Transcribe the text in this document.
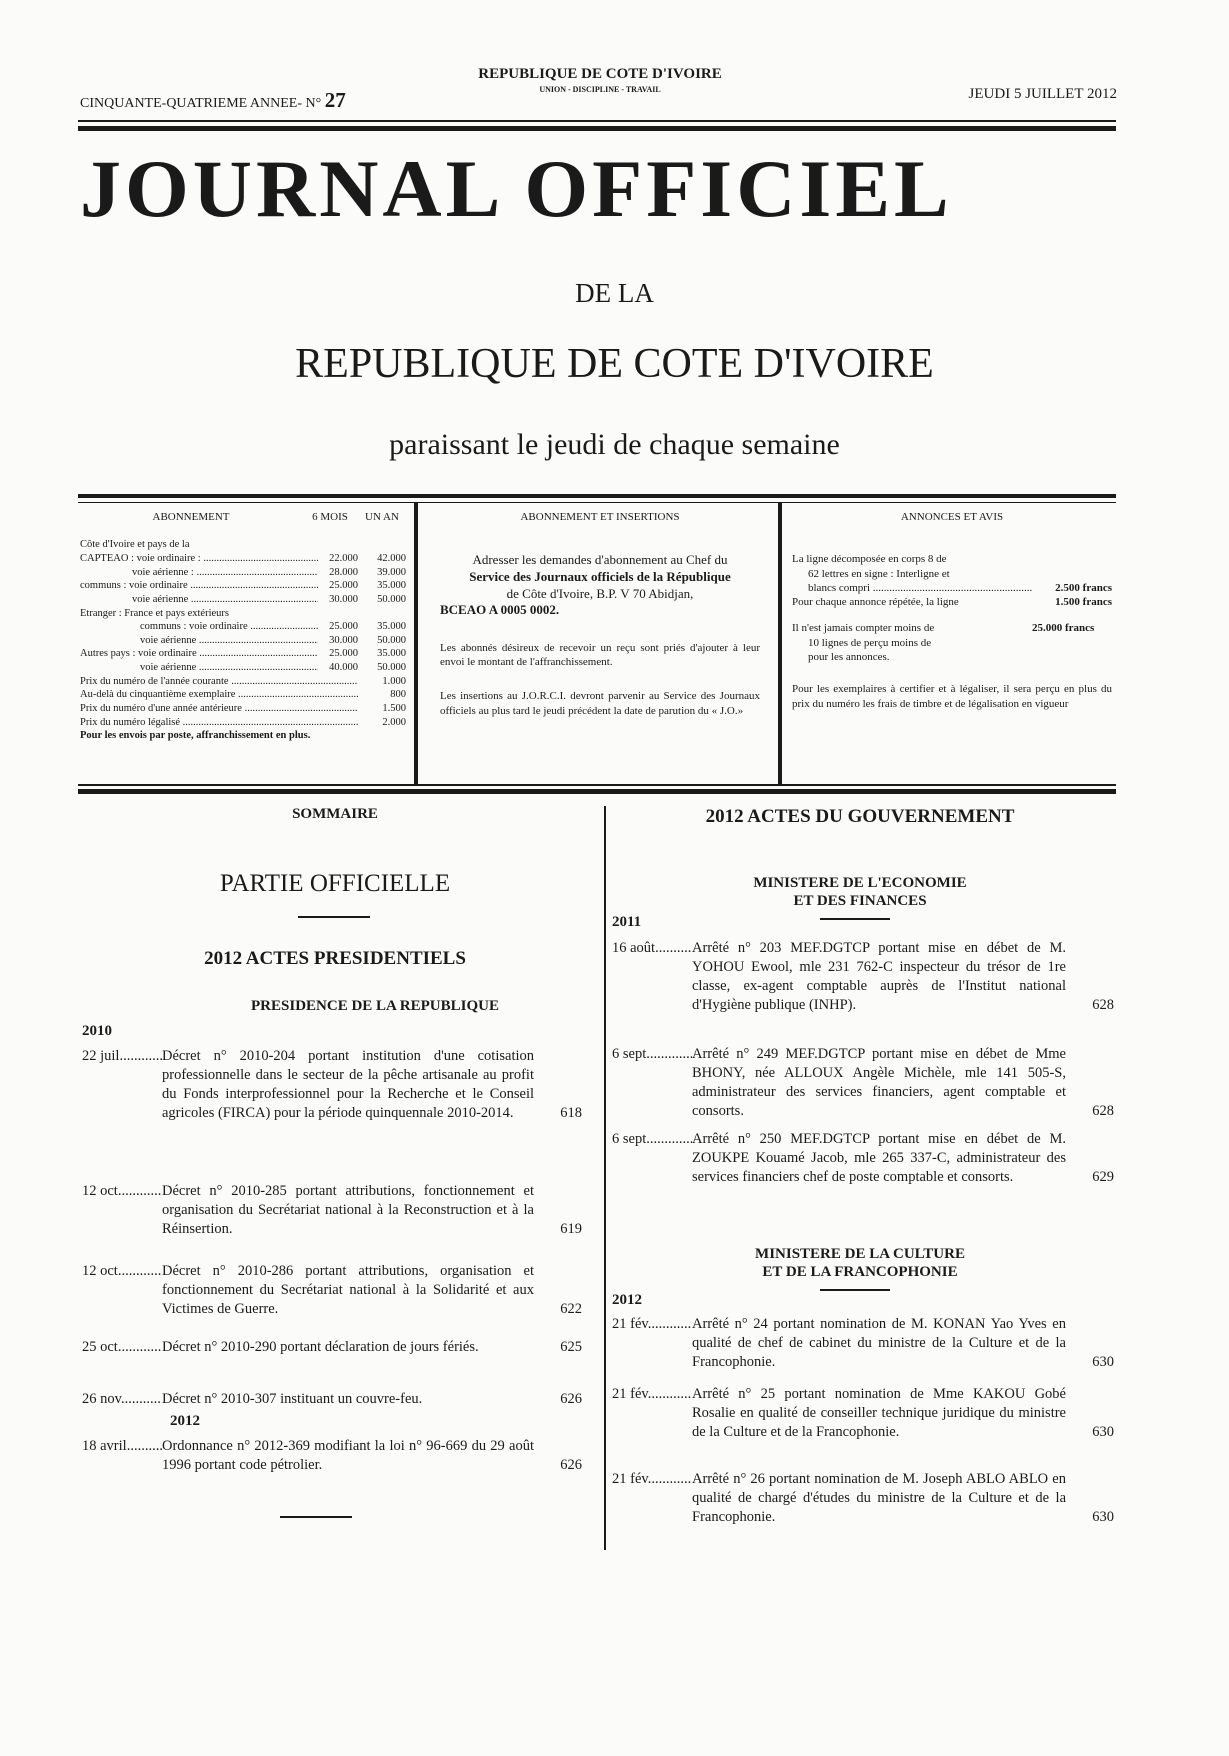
CINQUANTE-QUATRIEME ANNEE- N° 27
REPUBLIQUE DE COTE D'IVOIRE
UNION - DISCIPLINE - TRAVAIL	JEUDI 5 JUILLET 2012
JOURNAL OFFICIEL
DE LA
REPUBLIQUE DE COTE D'IVOIRE
paraissant le jeudi de chaque semaine
ABONNEMENT	6 MOIS	UN AN
Côte d'Ivoire et pays de la
CAPTEAO : voie ordinaire : .....	22.000	42.000
voie aérienne : .....	28.000	39.000
communs : voie ordinaire .....	25.000	35.000
voie aérienne .....	30.000	50.000
Etranger : France et pays extérieurs
communs : voie ordinaire .....	25.000	35.000
voie aérienne .....	30.000	50.000
Autres pays : voie ordinaire .....	25.000	35.000
voie aérienne .....	40.000	50.000
Prix du numéro de l'année courante .....	1.000
Au-delà du cinquantième exemplaire .....	800
Prix du numéro d'une année antérieure .....	1.500
Prix du numéro légalisé .....	2.000
Pour les envois par poste, affranchissement en plus.
ABONNEMENT ET INSERTIONS
Adresser les demandes d'abonnement au Chef du
Service des Journaux officiels de la République
de Côte d'Ivoire, B.P. V 70 Abidjan,
BCEAO A 0005 0002.
Les abonnés désireux de recevoir un reçu sont priés d'ajouter à leur envoi le montant de l'affranchissement.
Les insertions au J.O.R.C.I. devront parvenir au Service des Journaux officiels au plus tard le jeudi précédent la date de parution du « J.O.»
ANNONCES ET AVIS
La ligne décomposée en corps 8 de
62 lettres en signe : Interligne et
blancs compri .....	2.500 francs
Pour chaque annonce répétée, la ligne	1.500 francs
Il n'est jamais compter moins de	25.000 francs
10 lignes de perçu moins de
pour les annonces.
Pour les exemplaires à certifier et à légaliser, il sera perçu en plus du prix du numéro les frais de timbre et de légalisation en vigueur
SOMMAIRE
PARTIE OFFICIELLE
2012 ACTES PRESIDENTIELS
PRESIDENCE DE LA REPUBLIQUE
2010
22 juil .....	Décret n° 2010-204 portant institution d'une cotisation professionnelle dans le secteur de la pêche artisanale au profit du Fonds interprofessionnel pour la Recherche et le Conseil agricoles (FIRCA) pour la période quinquennale 2010-2014.	618
12 oct .....	Décret n° 2010-285 portant attributions, fonctionnement et organisation du Secrétariat national à la Reconstruction et à la Réinsertion.	619
12 oct .....	Décret n° 2010-286 portant attributions, organisation et fonctionnement du Secrétariat national à la Solidarité et aux Victimes de Guerre.	622
25 oct .....	Décret n° 2010-290 portant déclaration de jours fériés.	625
26 nov .....	Décret n° 2010-307 instituant un couvre-feu.	626
2012
18 avril .....	Ordonnance n° 2012-369 modifiant la loi n° 96-669 du 29 août 1996 portant code pétrolier.	626
2012 ACTES DU GOUVERNEMENT
MINISTERE DE L'ECONOMIE
ET DES FINANCES
2011
16 août .....	Arrêté n° 203 MEF.DGTCP portant mise en débet de M. YOHOU Ewool, mle 231 762-C inspecteur du trésor de 1re classe, ex-agent comptable auprès de l'Institut national d'Hygiène publique (INHP).	628
6 sept .....	Arrêté n° 249 MEF.DGTCP portant mise en débet de Mme BHONY, née ALLOUX Angèle Michèle, mle 141 505-S, administrateur des services financiers, agent comptable et consorts.	628
6 sept .....	Arrêté n° 250 MEF.DGTCP portant mise en débet de M. ZOUKPE Kouamé Jacob, mle 265 337-C, administrateur des services financiers chef de poste comptable et consorts.	629
MINISTERE DE LA CULTURE
ET DE LA FRANCOPHONIE
2012
21 fév .....	Arrêté n° 24 portant nomination de M. KONAN Yao Yves en qualité de chef de cabinet du ministre de la Culture et de la Francophonie.	630
21 fév .....	Arrêté n° 25 portant nomination de Mme KAKOU Gobé Rosalie en qualité de conseiller technique juridique du ministre de la Culture et de la Francophonie.	630
21 fév .....	Arrêté n° 26 portant nomination de M. Joseph ABLO ABLO en qualité de chargé d'études du ministre de la Culture et de la Francophonie.	630
